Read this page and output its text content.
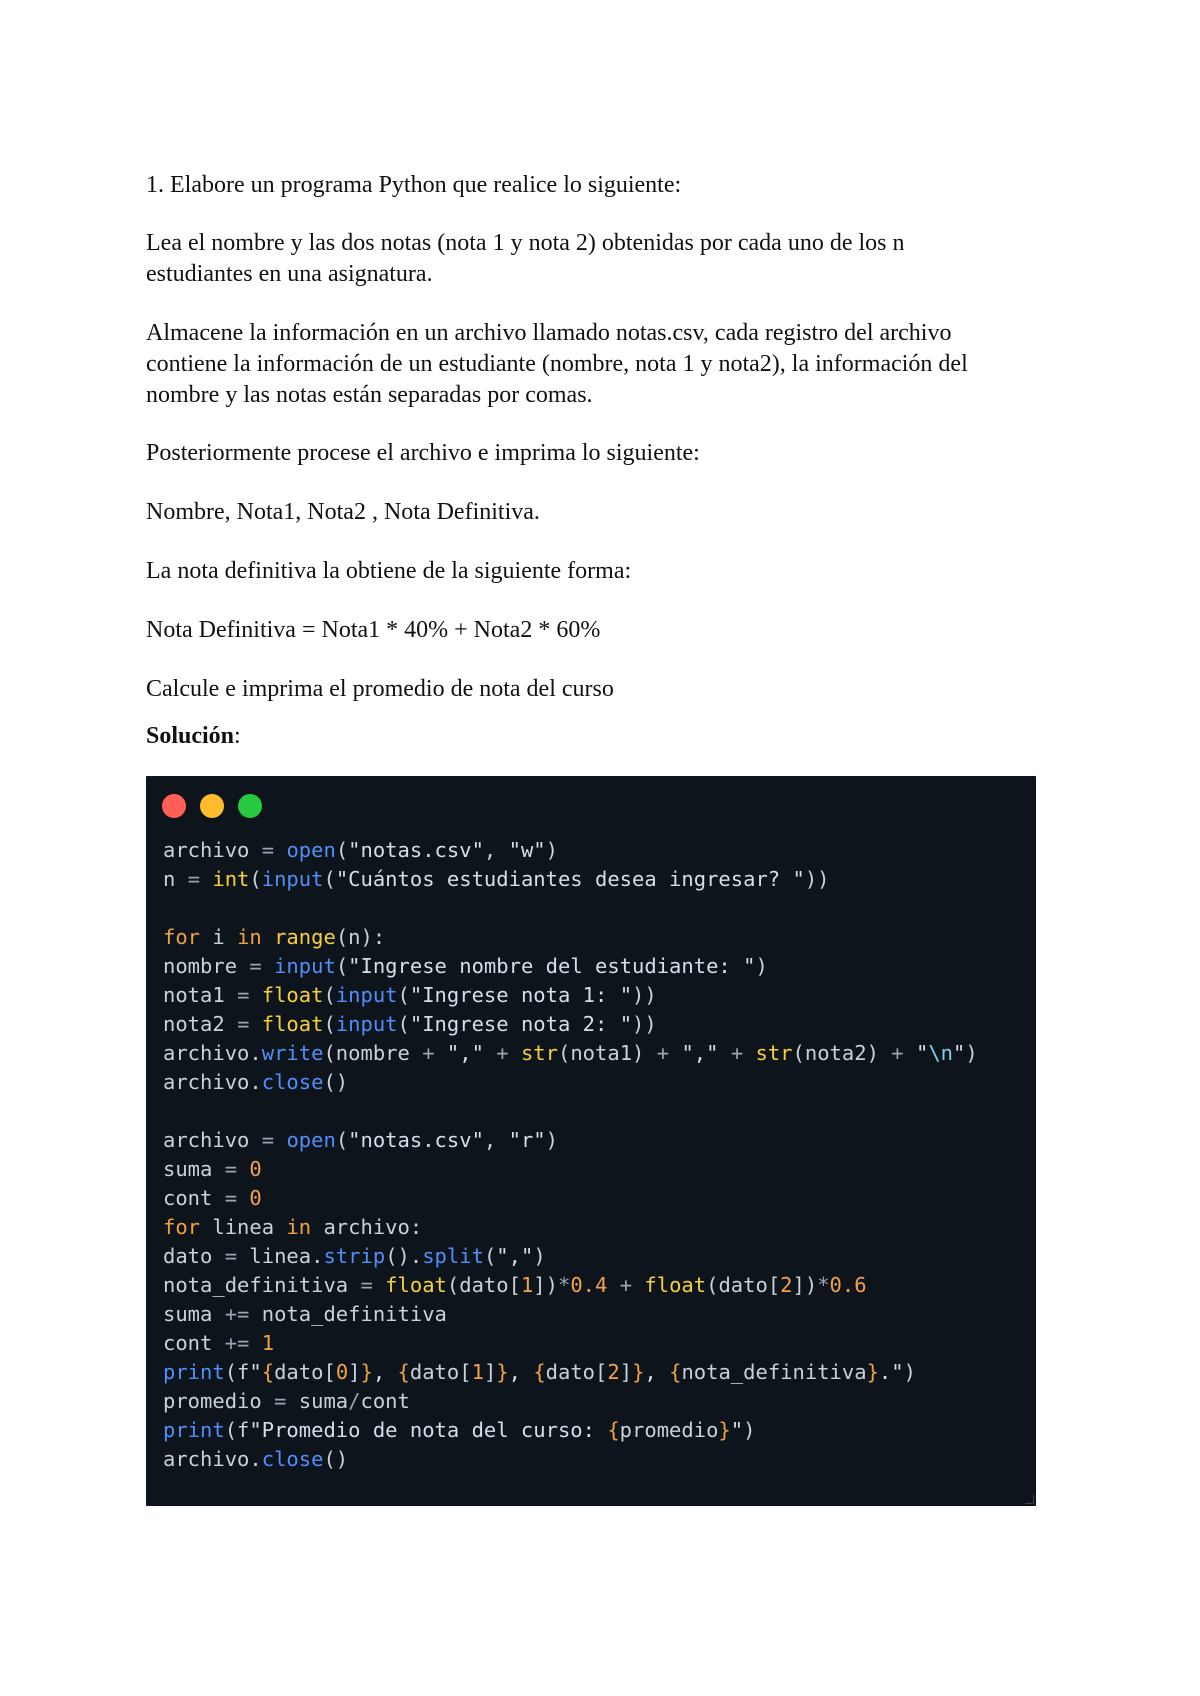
1. Elabore un programa Python que realice lo siguiente:

Lea el nombre y las dos notas (nota 1 y nota 2) obtenidas por cada uno de los n

estudiantes en una asignatura.

Almacene la información en un archivo llamado notas.csv, cada registro del archivo

contiene la información de un estudiante (nombre, nota 1 y nota2), la información del

nombre y las notas están separadas por comas.

Posteriormente procese el archivo e imprima lo siguiente:

Nombre, Nota1, Nota2 , Nota Definitiva.

La nota definitiva la obtiene de la siguiente forma:

Nota Definitiva = Nota1 * 40% + Nota2 * 60%

Calcule e imprima el promedio de nota del curso

Solución:

archivo = open("notas.csv", "w")
n = int(input("Cuántos estudiantes desea ingresar? "))
for i in range(n):
nombre = input("Ingrese nombre del estudiante: ")
nota1 = float(input("Ingrese nota 1: "))
nota2 = float(input("Ingrese nota 2: "))
archivo.write(nombre + "," + str(nota1) + "," + str(nota2) + "\n")
archivo.close()
archivo = open("notas.csv", "r")
suma = 0
cont = 0
for linea in archivo:
dato = linea.strip().split(",")
nota_definitiva = float(dato[1])*0.4 + float(dato[2])*0.6
suma += nota_definitiva
cont += 1
print(f"{dato[0]}, {dato[1]}, {dato[2]}, {nota_definitiva}.")
promedio = suma/cont
print(f"Promedio de nota del curso: {promedio}")
archivo.close()
